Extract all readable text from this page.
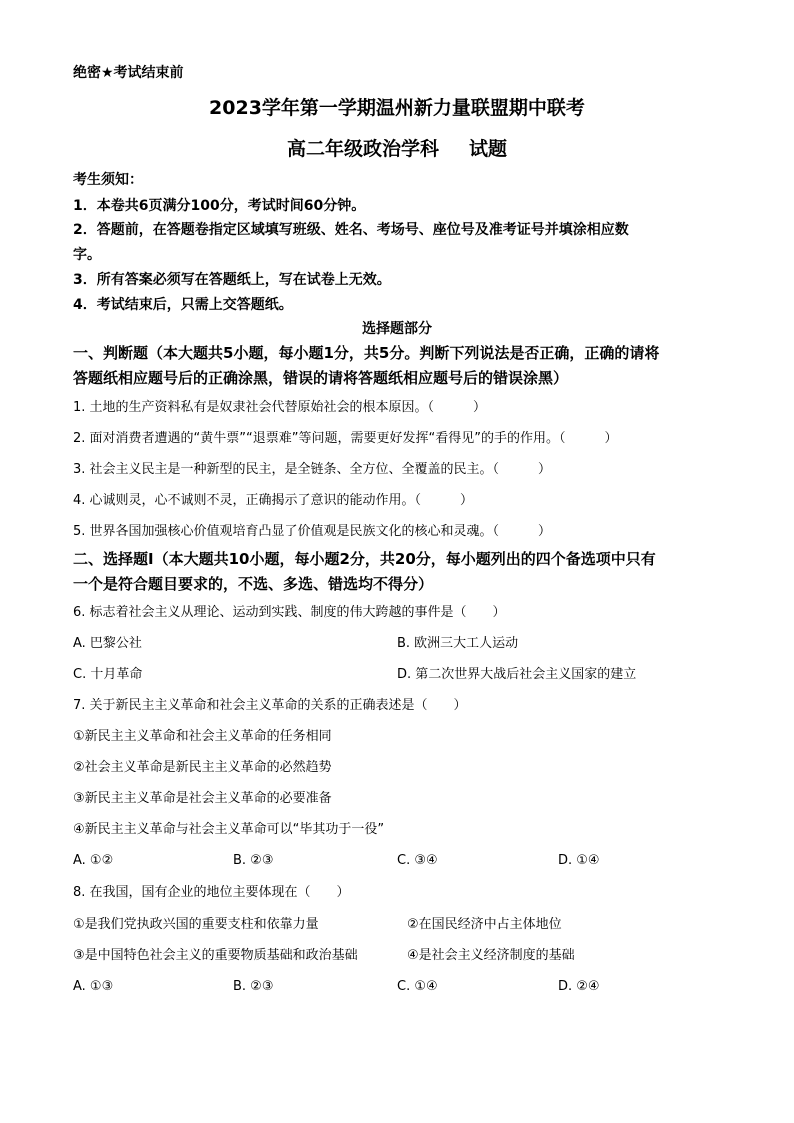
绝密★考试结束前
2023学年第一学期温州新力量联盟期中联考
高二年级政治学科 试题
考生须知：
1．本卷共6页满分100分，考试时间60分钟。
2．答题前，在答题卷指定区域填写班级、姓名、考场号、座位号及准考证号并填涂相应数
字。
3．所有答案必须写在答题纸上，写在试卷上无效。
4．考试结束后，只需上交答题纸。
选择题部分
一、判断题（本大题共5小题，每小题1分，共5分。判断下列说法是否正确，正确的请将
答题纸相应题号后的正确涂黑，错误的请将答题纸相应题号后的错误涂黑）
1. 土地的生产资料私有是奴隶社会代替原始社会的根本原因。（　　　）
2. 面对消费者遭遇的“黄牛票”“退票难”等问题，需要更好发挥“看得见”的手的作用。（　　　）
3. 社会主义民主是一种新型的民主，是全链条、全方位、全覆盖的民主。（　　　）
4. 心诚则灵，心不诚则不灵，正确揭示了意识的能动作用。（　　　）
5. 世界各国加强核心价值观培育凸显了价值观是民族文化的核心和灵魂。（　　　）
二、选择题Ⅰ（本大题共10小题，每小题2分，共20分，每小题列出的四个备选项中只有
一个是符合题目要求的，不选、多选、错选均不得分）
6. 标志着社会主义从理论、运动到实践、制度的伟大跨越的事件是（　　）
A. 巴黎公社	B. 欧洲三大工人运动
C. 十月革命	D. 第二次世界大战后社会主义国家的建立
7. 关于新民主主义革命和社会主义革命的关系的正确表述是（　　）
①新民主主义革命和社会主义革命的任务相同
②社会主义革命是新民主主义革命的必然趋势
③新民主主义革命是社会主义革命的必要准备
④新民主主义革命与社会主义革命可以“毕其功于一役”
A. ①②	B. ②③	C. ③④	D. ①④
8. 在我国，国有企业的地位主要体现在（　　）
①是我们党执政兴国的重要支柱和依靠力量	②在国民经济中占主体地位
③是中国特色社会主义的重要物质基础和政治基础	④是社会主义经济制度的基础
A. ①③	B. ②③	C. ①④	D. ②④
